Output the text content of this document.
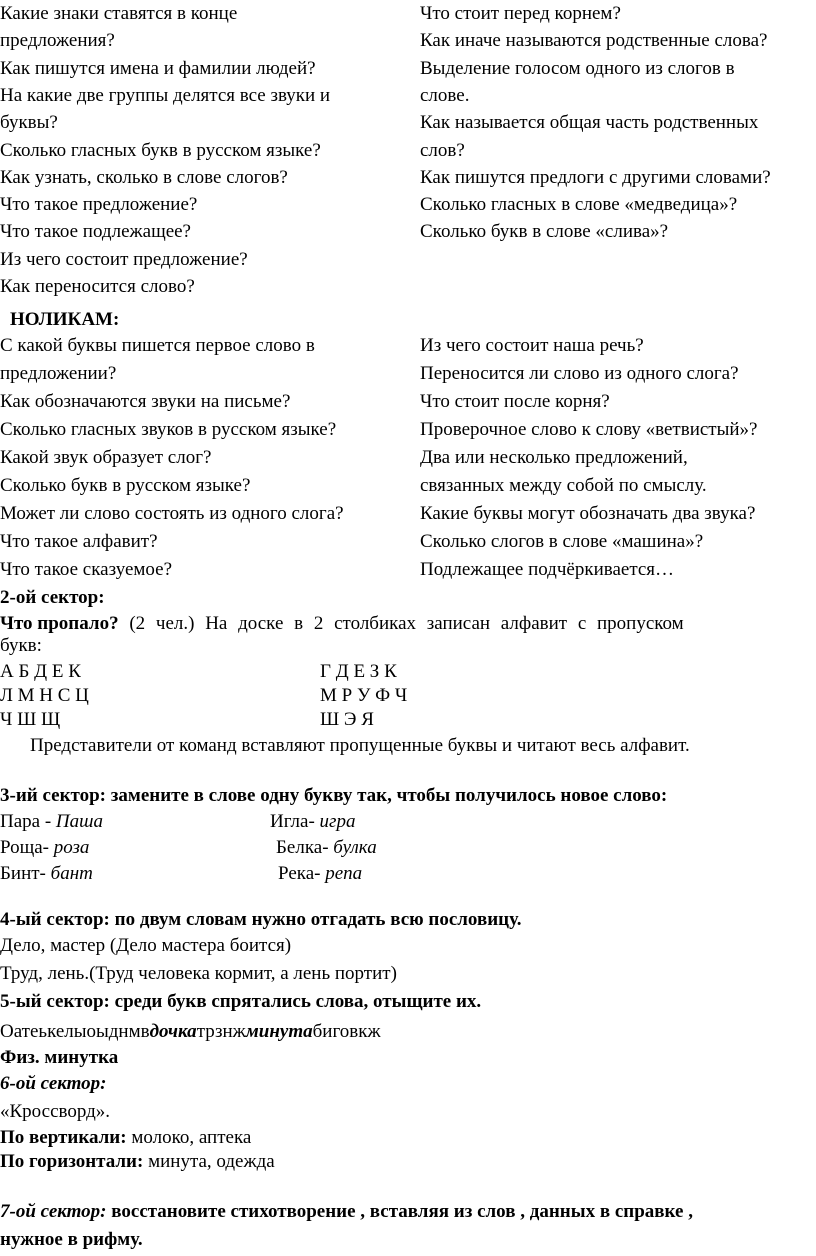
Какие знаки ставятся в конце
предложения?
Как пишутся имена и фамилии людей?
На какие две группы делятся все звуки и
буквы?
Сколько гласных букв в русском языке?
Как узнать, сколько в слове слогов?
Что такое предложение?
Что такое подлежащее?
Из чего состоит предложение?
Как переносится слово?
Что стоит перед корнем?
Как иначе называются родственные слова?
Выделение голосом одного из слогов в
слове.
Как называется общая часть родственных
слов?
Как пишутся предлоги с другими словами?
Сколько гласных в слове «медведица»?
Сколько букв в слове «слива»?
НОЛИКАМ:
С какой буквы пишется первое слово в
предложении?
Как обозначаются звуки на письме?
Сколько гласных звуков в русском языке?
Какой звук образует слог?
Сколько букв в русском языке?
Может ли слово состоять из одного слога?
Что такое алфавит?
Что такое сказуемое?
Из чего состоит наша речь?
Переносится ли слово из одного слога?
Что стоит после корня?
Проверочное слово к слову «ветвистый»?
Два или несколько предложений,
связанных между собой по смыслу.
Какие буквы могут обозначать два звука?
Сколько слогов в слове «машина»?
Подлежащее подчёркивается…
2-ой сектор:
Что пропало? (2 чел.) На доске в 2 столбиках записан алфавит с пропуском
букв:
А Б Д Е К
Л М Н С Ц
Ч Ш Щ
Г Д Е З К
М Р У Ф Ч
Ш Э Я
Представители от команд вставляют пропущенные буквы и читают весь алфавит.
3-ий сектор: замените в слове одну букву так, чтобы получилось новое слово:
Пара - Паша
Роща- роза
Бинт- бант
Игла- игра
Белка- булка
Река- репа
4-ый сектор: по двум словам нужно отгадать всю пословицу.
Дело, мастер (Дело мастера боится)
Труд, лень.(Труд человека кормит, а лень портит)
5-ый сектор: среди букв спрятались слова, отыщите их.
Оатеькелыоыднмвдочкатрзнжминутабиговкж
Физ. минутка
6-ой сектор:
«Кроссворд».
По вертикали: молоко, аптека
По горизонтали: минута, одежда
7-ой сектор: восстановите стихотворение , вставляя из слов , данных в справке ,
нужное в рифму.
